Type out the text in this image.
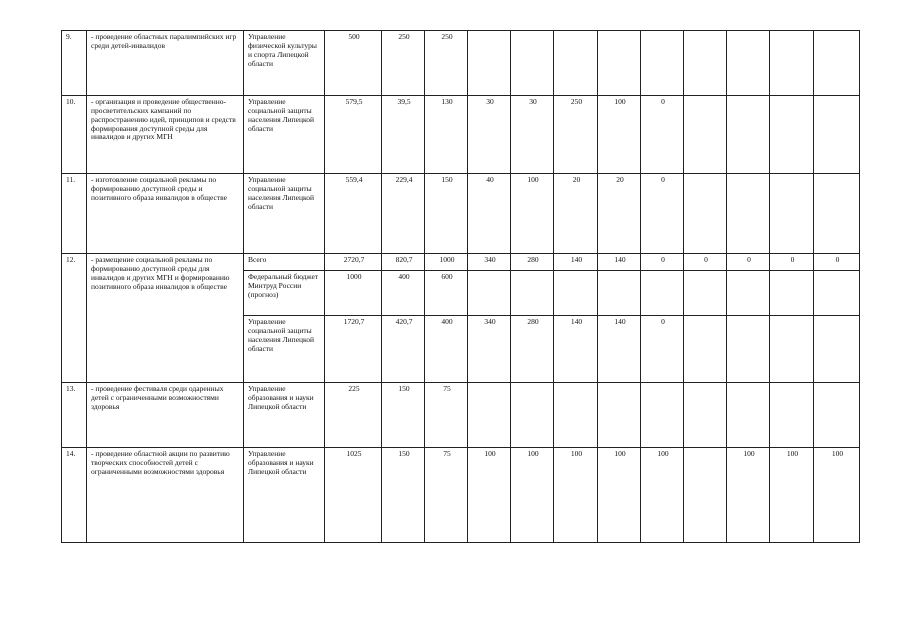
9.	- проведение областных паралимпийских игр среди детей-инвалидов	Управление физической культуры и спорта Липецкой области	500	250	250									
10.	- организация и проведение общественно-просветительских кампаний по распространению идей, принципов и средств формирования доступной среды для инвалидов и других МГН	Управление социальной защиты населения Липецкой области	579,5	39,5	130	30	30	250	100	0				
11.	- изготовление социальной рекламы по формированию доступной среды и позитивного образа инвалидов в обществе	Управление социальной защиты населения Липецкой области	559,4	229,4	150	40	100	20	20	0				
12.	- размещение социальной рекламы по формированию доступной среды для инвалидов и других МГН и формированию позитивного образа инвалидов в обществе	Всего	2720,7	820,7	1000	340	280	140	140	0	0	0	0	0
		Федеральный бюджет Минтруд России (прогноз)	1000	400	600									
		Управление социальной защиты населения Липецкой области	1720,7	420,7	400	340	280	140	140	0				
13.	- проведение фестиваля среди одаренных детей с ограниченными возможностями здоровья	Управление образования и науки Липецкой области	225	150	75									
14.	- проведение областной акции по развитию творческих способностей детей с ограниченными возможностями здоровья	Управление образования и науки Липецкой области	1025	150	75	100	100	100	100	100		100	100	100
